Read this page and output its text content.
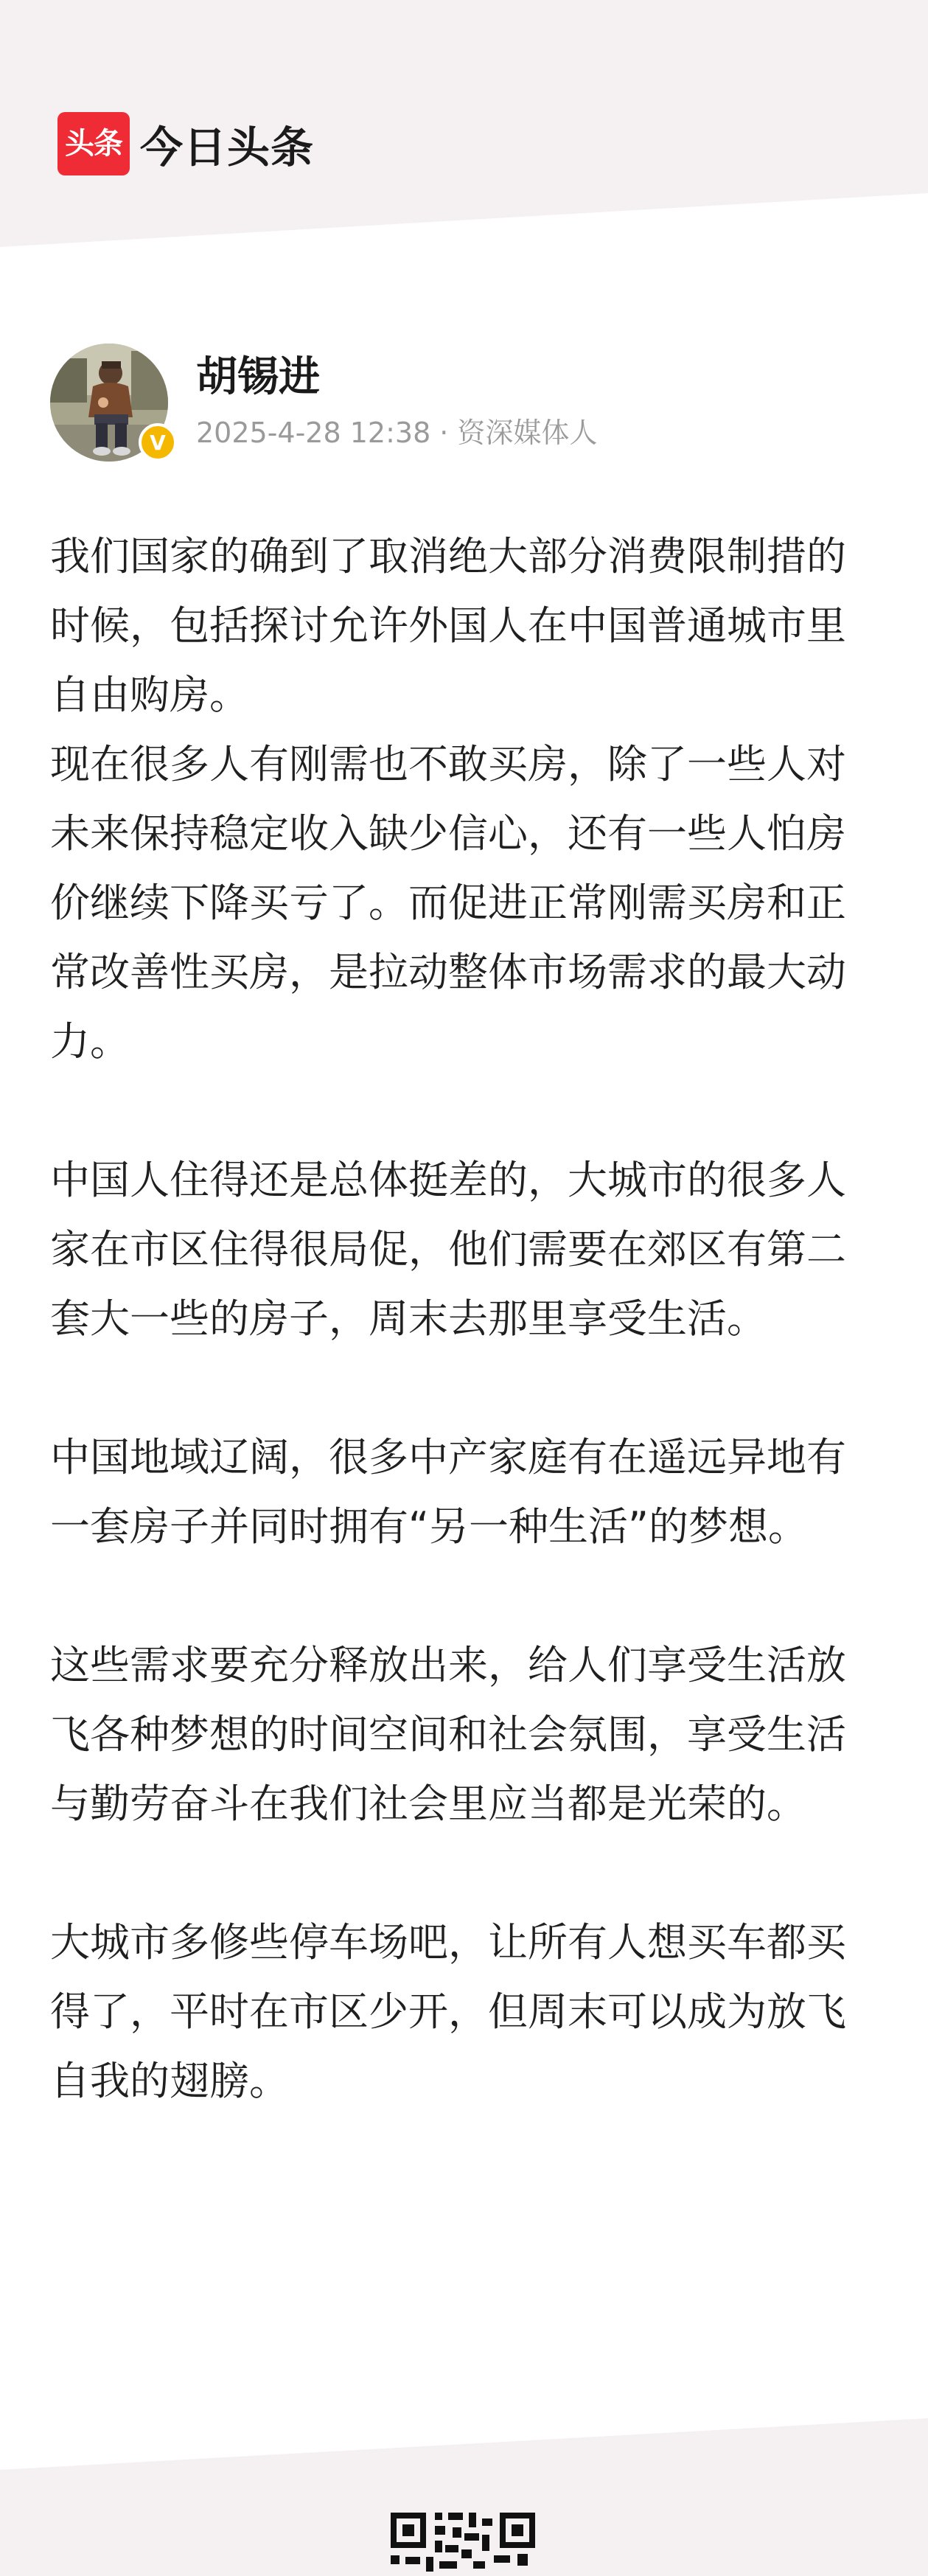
头条 今日头条
V
胡锡进
2025-4-28 12:38 · 资深媒体人

我们国家的确到了取消绝大部分消费限制措的时候，包括探讨允许外国人在中国普通城市里自由购房。

现在很多人有刚需也不敢买房，除了一些人对未来保持稳定收入缺少信心，还有一些人怕房价继续下降买亏了。而促进正常刚需买房和正常改善性买房，是拉动整体市场需求的最大动力。

中国人住得还是总体挺差的，大城市的很多人家在市区住得很局促，他们需要在郊区有第二套大一些的房子，周末去那里享受生活。

中国地域辽阔，很多中产家庭有在遥远异地有一套房子并同时拥有“另一种生活”的梦想。

这些需求要充分释放出来，给人们享受生活放飞各种梦想的时间空间和社会氛围，享受生活与勤劳奋斗在我们社会里应当都是光荣的。

大城市多修些停车场吧，让所有人想买车都买得了，平时在市区少开，但周末可以成为放飞自我的翅膀。
